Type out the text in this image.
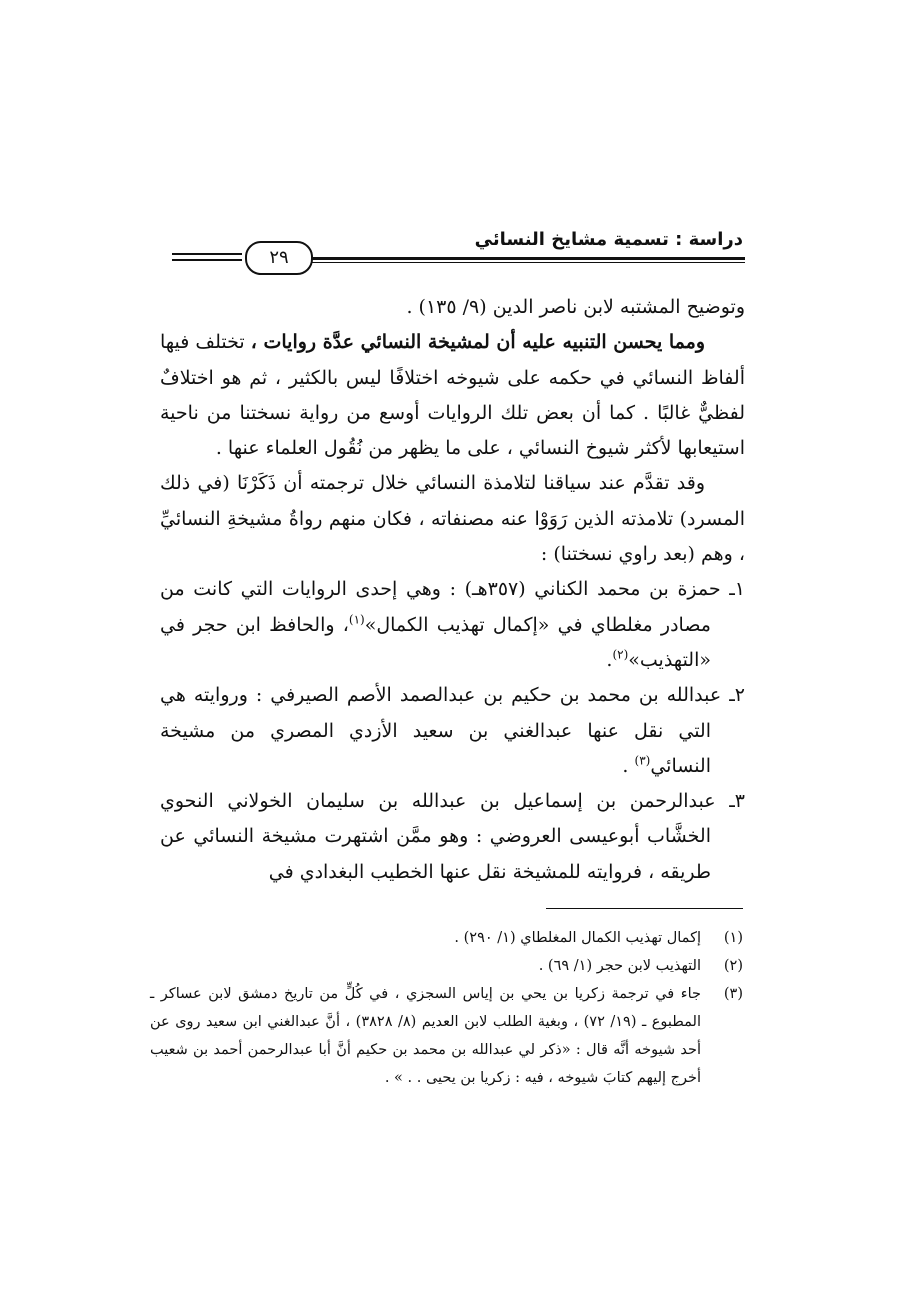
دراسة : تسمية مشايخ النسائي
٢٩

وتوضيح المشتبه لابن ناصر الدين (٩/ ١٣٥) .

ومما يحسن التنبيه عليه أن لمشيخة النسائي عدَّة روايات ، تختلف فيها ألفاظ النسائي في حكمه على شيوخه اختلافًا ليس بالكثير ، ثم هو اختلافٌ لفظيٌّ غالبًا . كما أن بعض تلك الروايات أوسع من رواية نسختنا من ناحية استيعابها لأكثر شيوخ النسائي ، على ما يظهر من نُقُول العلماء عنها .

وقد تقدَّم عند سياقنا لتلامذة النسائي خلال ترجمته أن ذَكَرْنَا (في ذلك المسرد) تلامذته الذين رَوَوْا عنه مصنفاته ، فكان منهم رواةُ مشيخةِ النسائيِّ ، وهم (بعد راوي نسختنا) :

١ـ حمزة بن محمد الكناني (٣٥٧هـ) : وهي إحدى الروايات التي كانت من مصادر مغلطاي في «إكمال تهذيب الكمال»$^{(١)}$، والحافظ ابن حجر في «التهذيب»$^{(٢)}$.

٢ـ عبدالله بن محمد بن حكيم بن عبدالصمد الأصم الصيرفي : وروايته هي التي نقل عنها عبدالغني بن سعيد الأزدي المصري من مشيخة النسائي$^{(٣)}$ .

٣ـ عبدالرحمن بن إسماعيل بن عبدالله بن سليمان الخولاني النحوي الخشَّاب أبوعيسى العروضي : وهو ممَّن اشتهرت مشيخة النسائي عن طريقه ، فروايته للمشيخة نقل عنها الخطيب البغدادي في

(١)
إكمال تهذيب الكمال المغلطاي (١/ ٢٩٠) .

(٢)
التهذيب لابن حجر (١/ ٦٩) .

(٣)
جاء في ترجمة زكريا بن يحي بن إياس السجزي ، في كُلٍّ من تاريخ دمشق لابن عساكر ـ المطبوع ـ (١٩/ ٧٢) ، وبغية الطلب لابن العديم (٨/ ٣٨٢٨) ، أنَّ عبدالغني ابن سعيد روى عن أحد شيوخه أنَّه قال : «ذكر لي عبدالله بن محمد بن حكيم أنَّ أبا عبدالرحمن أحمد بن شعيب أخرج إليهم كتابَ شيوخه ، فيه : زكريا بن يحيى . . » .
